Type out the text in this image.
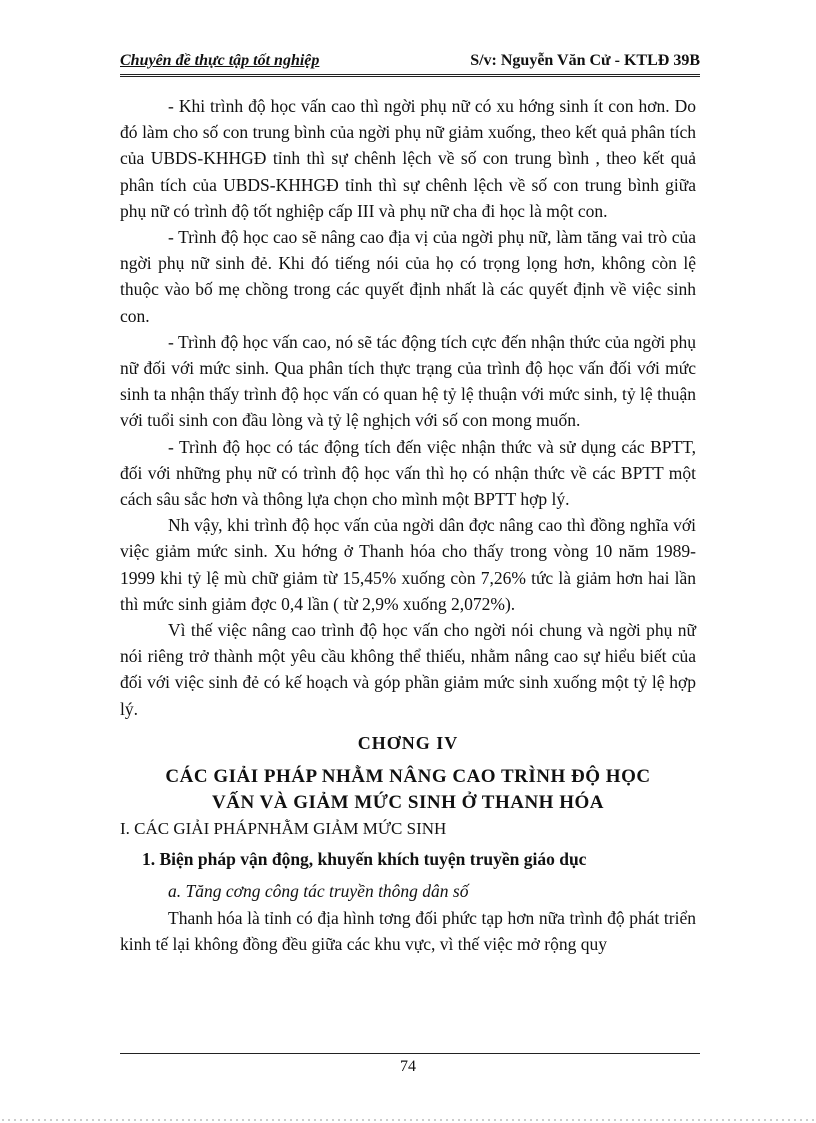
Chuyên đề thực tập tốt nghiệp	S/v: Nguyễn Văn Cử - KTLĐ 39B

- Khi trình độ học vấn cao thì ngời phụ nữ có xu hớng sinh ít con hơn. Do đó làm cho số con trung bình của ngời phụ nữ giảm xuống, theo kết quả phân tích của UBDS-KHHGĐ tỉnh thì sự chênh lệch về số con trung bình , theo kết quả phân tích của UBDS-KHHGĐ tỉnh thì sự chênh lệch về số con trung bình giữa phụ nữ có trình độ tốt nghiệp cấp III và phụ nữ cha đi học là một con.

- Trình độ học cao sẽ nâng cao địa vị của ngời phụ nữ, làm tăng vai trò của ngời phụ nữ sinh đẻ. Khi đó tiếng nói của họ có trọng lọng hơn, không còn lệ thuộc vào bố mẹ chồng trong các quyết định nhất là các quyết định về việc sinh con.

- Trình độ học vấn cao, nó sẽ tác động tích cực đến nhận thức của ngời phụ nữ đối với mức sinh. Qua phân tích thực trạng của trình độ học vấn đối với mức sinh ta nhận thấy trình độ học vấn có quan hệ tỷ lệ thuận với mức sinh, tỷ lệ thuận với tuổi sinh con đầu lòng và tỷ lệ nghịch với số con mong muốn.

- Trình độ học có tác động tích đến việc nhận thức và sử dụng các BPTT, đối với những phụ nữ có trình độ học vấn thì họ có nhận thức về các BPTT một cách sâu sắc hơn và thông lựa chọn cho mình một BPTT hợp lý.

Nh vậy, khi trình độ học vấn của ngời dân đợc nâng cao thì đồng nghĩa với việc giảm mức sinh. Xu hớng ở Thanh hóa cho thấy trong vòng 10 năm 1989-1999 khi tỷ lệ mù chữ giảm từ 15,45% xuống còn 7,26% tức là giảm hơn hai lần thì mức sinh giảm đợc 0,4 lần ( từ 2,9% xuống 2,072%).

Vì thế việc nâng cao trình độ học vấn cho ngời nói chung và ngời phụ nữ nói riêng trở thành một yêu cầu không thể thiếu, nhằm nâng cao sự hiểu biết của đối với việc sinh đẻ có kế hoạch và góp phần giảm mức sinh xuống một tỷ lệ hợp lý.

CHƠNG IV
CÁC GIẢI PHÁP NHẰM NÂNG CAO TRÌNH ĐỘ HỌC
VẤN VÀ GIẢM MỨC SINH Ở THANH HÓA
I. CÁC GIẢI PHÁPNHẰM GIẢM MỨC SINH
1. Biện pháp vận động, khuyến khích tuyện truyền giáo dục
a. Tăng cơng công tác truyền thông dân số

Thanh hóa là tỉnh có địa hình tơng đối phức tạp hơn nữa trình độ phát triển kinh tế lại không đồng đều giữa các khu vực, vì thế việc mở rộng quy

74
